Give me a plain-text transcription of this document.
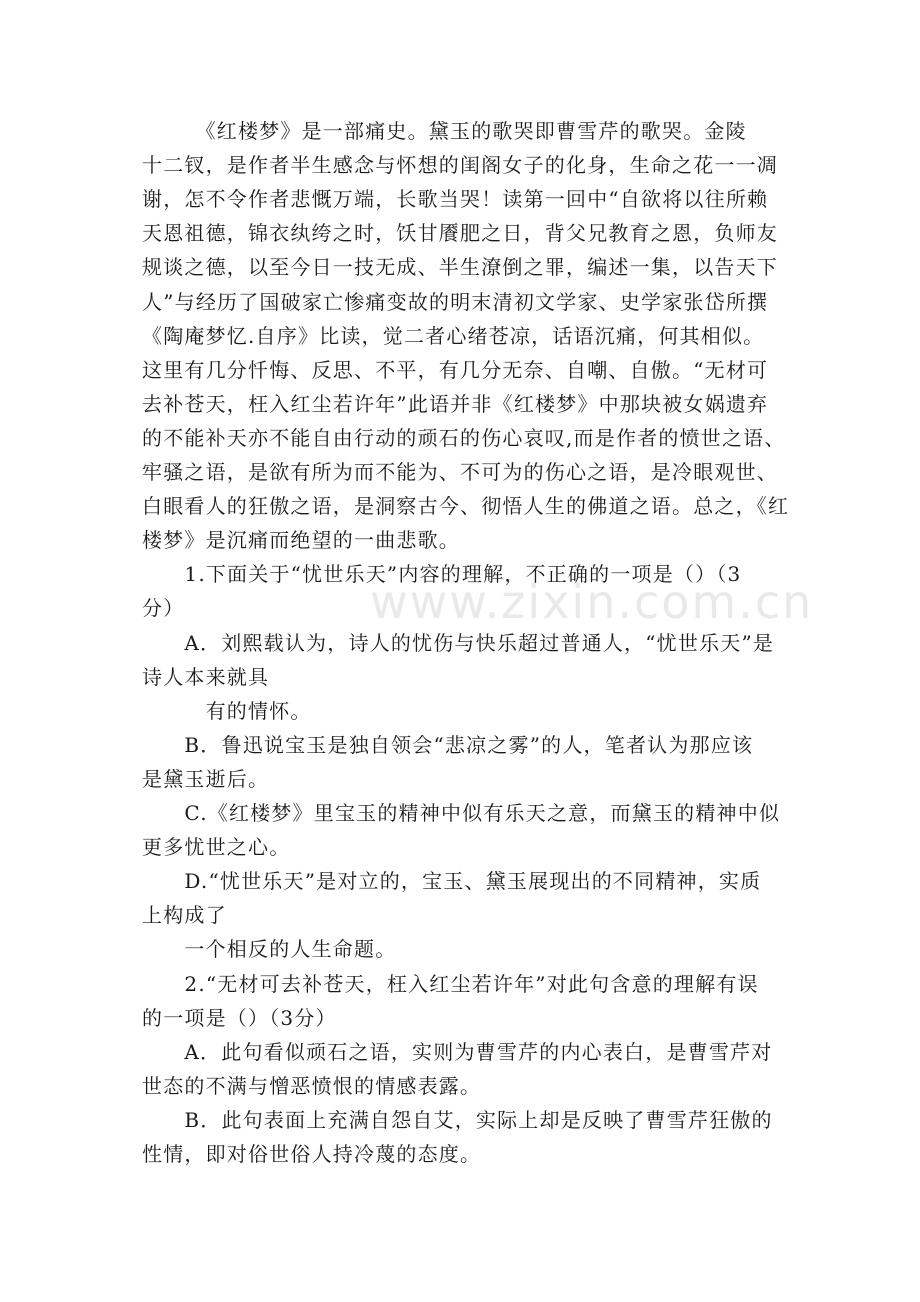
www.zixin.com.cn
　　　《红楼梦》是一部痛史。黛玉的歌哭即曹雪芹的歌哭。金陵
十二钗，是作者半生感念与怀想的闺阁女子的化身，生命之花一一凋
谢，怎不令作者悲慨万端，长歌当哭！读第一回中“自欲将以往所赖
天恩祖德，锦衣纨绔之时，饫甘餍肥之日，背父兄教育之恩，负师友
规谈之德，以至今日一技无成、半生潦倒之罪，编述一集，以告天下
人”与经历了国破家亡惨痛变故的明末清初文学家、史学家张岱所撰
《陶庵梦忆.自序》比读，觉二者心绪苍凉，话语沉痛，何其相似。
这里有几分忏悔、反思、不平，有几分无奈、自嘲、自傲。“无材可
去补苍天，枉入红尘若许年”此语并非《红楼梦》中那块被女娲遗弃
的不能补天亦不能自由行动的顽石的伤心哀叹,而是作者的愤世之语、
牢骚之语，是欲有所为而不能为、不可为的伤心之语，是冷眼观世、
白眼看人的狂傲之语，是洞察古今、彻悟人生的佛道之语。总之，《红
楼梦》是沉痛而绝望的一曲悲歌。
　　1.下面关于“忧世乐天”内容的理解，不正确的一项是（）（3
分）
　　A．刘熙载认为，诗人的忧伤与快乐超过普通人，“忧世乐天”是
诗人本来就具
　　　有的情怀。
　　B．鲁迅说宝玉是独自领会“悲凉之雾”的人，笔者认为那应该
是黛玉逝后。
　　C.《红楼梦》里宝玉的精神中似有乐天之意，而黛玉的精神中似
更多忧世之心。
　　D.“忧世乐天”是对立的，宝玉、黛玉展现出的不同精神，实质
上构成了
　　一个相反的人生命题。
　　2.“无材可去补苍天，枉入红尘若许年”对此句含意的理解有误
的一项是（）（3分）
　　A．此句看似顽石之语，实则为曹雪芹的内心表白，是曹雪芹对
世态的不满与憎恶愤恨的情感表露。
　　B．此句表面上充满自怨自艾，实际上却是反映了曹雪芹狂傲的
性情，即对俗世俗人持冷蔑的态度。
